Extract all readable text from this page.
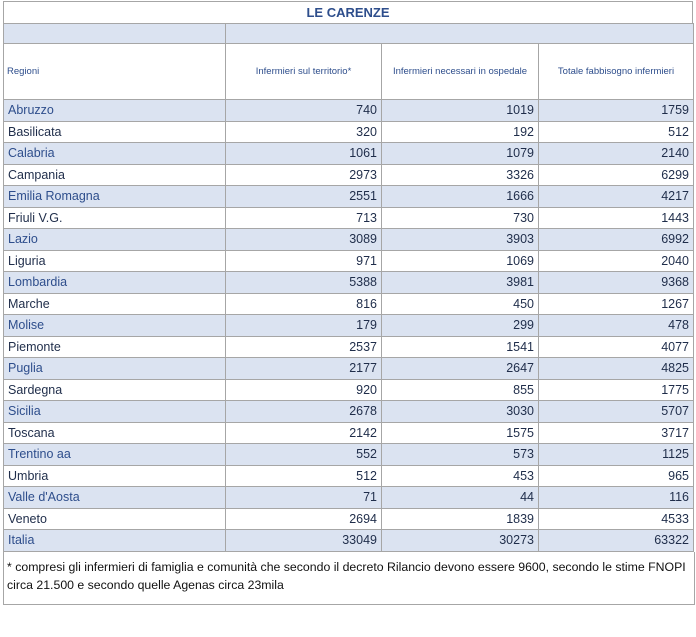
LE CARENZE

Regioni	Infermieri sul territorio*	Infermieri necessari in ospedale	Totale fabbisogno infermieri
Abruzzo	740	1019	1759
Basilicata	320	192	512
Calabria	1061	1079	2140
Campania	2973	3326	6299
Emilia Romagna	2551	1666	4217
Friuli V.G.	713	730	1443
Lazio	3089	3903	6992
Liguria	971	1069	2040
Lombardia	5388	3981	9368
Marche	816	450	1267
Molise	179	299	478
Piemonte	2537	1541	4077
Puglia	2177	2647	4825
Sardegna	920	855	1775
Sicilia	2678	3030	5707
Toscana	2142	1575	3717
Trentino aa	552	573	1125
Umbria	512	453	965
Valle d'Aosta	71	44	116
Veneto	2694	1839	4533
Italia	33049	30273	63322
* compresi gli infermieri di famiglia e comunità che secondo il decreto Rilancio devono essere 9600, secondo le stime FNOPI circa 21.500 e secondo quelle Agenas circa 23mila
